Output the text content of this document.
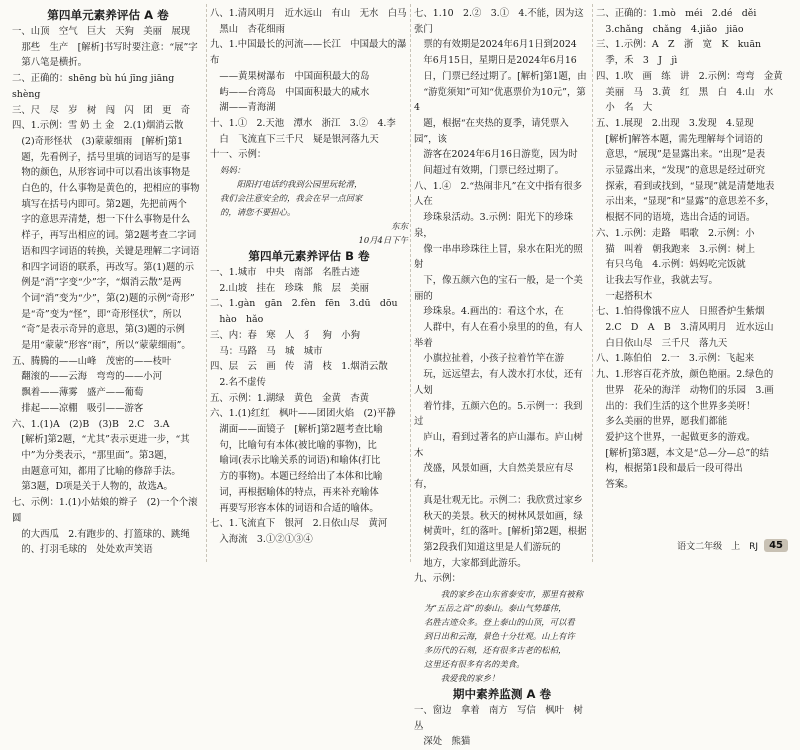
第四单元素养评估 A 卷

一、山顶　空气　巨大　天狗　美丽　展现

　那些　生产　[解析]书写时要注意：“展”字

　第八笔是横折。

二、正确的：shēng bù hú jīng jiāng shèng

三、尺　尽　岁　树　闯　闪　团　更　奇

四、1.示例：雪 奶 土 金　2.(1)烟消云散

　(2)奇形怪状　(3)蒙蒙细雨　[解析]第1

　题，先看例子，括号里填的词语写的是事

　物的颜色，从形容词中可以看出该事物是

　白色的，什么事物是黄色的，把相应的事物

　填写在括号内即可。第2题，先把前两个

　字的意思弄清楚，想一下什么事物是什么

　样子，再写出相应的词。第2题考查二字词

　语和四字词语的转换，关键是理解二字词语

　和四字词语的联系，再改写。第(1)题的示

　例是“消”字变“少”字，“烟消云散”是两

　个词“消”变为“少”，第(2)题的示例“奇形”

　是“奇”变为“怪”，即“奇形怪状”，所以

　“奇”是表示奇异的意思，第(3)题的示例

　是用“蒙蒙”形容“雨”，所以“蒙蒙细雨”。

五、腾腾的——山峰　茂密的——枝叶

　翻滚的——云海　弯弯的——小河

　飘着——薄雾　盛产——葡萄

　排起——凉棚　吸引——游客

六、1.(1)A　(2)B　(3)B　2.C　3.A

　[解析]第2题，“尤其”表示更进一步，“其

　中”为分类表示，“那里面”。第3题，

　由题意可知，都用了比喻的修辞手法。

　第3题，D项是关于人物的，故选A。

七、示例：1.(1)小姑娘的辫子　(2)一个个滚圆

　的大西瓜　2.有跑步的、打篮球的、跳绳

　的、打羽毛球的　处处欢声笑语

八、1.清风明月　近水远山　有山　无水　白马

　黑山　杏花细雨

九、1.中国最长的河流——长江　中国最大的瀑布

　——黄果树瀑布　中国面积最大的岛

　屿——台湾岛　中国面积最大的咸水

　湖——青海湖

十、1.①　2.天池　潭水　浙江　3.②　4.李

　白　飞流直下三千尺　疑是银河落九天

十一、示例：

妈妈：

　　阳阳打电话约我到公园里玩轮滑，

我们会注意安全的，我会在早一点回家

的，请您不要担心。

东东

10月4日下午

第四单元素养评估 B 卷

一、1.城市　中央　南部　名胜古迹

　2.山坡　挂在　珍珠　熊　层　美丽

二、1.gàn　gān　2.fèn　fēn　3.dū　dōu

　hào　hǎo

三、内：春　寒　人　犭　狗　小狗　

　马：马路　马　城　城市

四、层　云　画　传　清　枝　1.烟消云散

　2.名不虚传

五、示例：1.湖绿　黄色　金黄　杏黄

六、1.(1)红红　枫叶——团团火焰　(2)平静

　湖面——面镜子　[解析]第2题考查比喻

　句，比喻句有本体(被比喻的事物)，比

　喻词(表示比喻关系的词语)和喻体(打比

　方的事物)。本题已经给出了本体和比喻

　词，再根据喻体的特点，再来补充喻体

　再要写形容本体的词语和合适的喻体。

七、1.飞流直下　银河　2.日依山尽　黄河

　入海流　3.①②①③④

七、1.10　2.②　3.①　4.不能，因为这张门

　票的有效期是2024年6月1日到2024

　年6月15日，星期日是2024年6月16

　日，门票已经过期了。[解析]第1题，由

　“游览须知”可知“优惠票价为10元”，第4

　题，根据“在夹热的夏季，请凭票入园”，该

　游客在2024年6月16日游览，因为时

　间超过有效期，门票已经过期了。

八、1.④　2.“热闹非凡”在文中指有很多人在

　珍珠泉活动。3.示例：阳光下的珍珠泉，

　像一串串珍珠往上冒，泉水在阳光的照射

　下，像五颜六色的宝石一般，是一个美丽的

　珍珠泉。4.画出的：看这个水，在

　人群中，有人在看小泉里的的鱼，有人举着

　小旗拉扯着，小孩子拉着竹竿在游

　玩，远远望去，有人泼水打水仗，还有人划

　着竹排，五颜六色的。5.示例一：我到过

　庐山，看到过著名的庐山瀑布。庐山树木

　茂盛，风景如画，大自然美景应有尽有，

　真是壮观无比。示例二：我欣赏过家乡

　秋天的美景。秋天的树林风景如画，绿

　树黄叶，红的落叶。[解析]第2题，根据

　第2段我们知道这里是人们游玩的

　地方，大家都到此游乐。

九、示例：

　　我的家乡在山东省泰安市，那里有被称

为“五岳之首”的泰山。泰山气势雄伟，

名胜古迹众多。登上泰山的山顶，可以看

到日出和云海，景色十分壮观。山上有许

多历代的石刻，还有很多古老的松柏，

这里还有很多有名的美食。

　　我爱我的家乡！

期中素养监测 A 卷

一、窗边　拿着　南方　写信　枫叶　树丛

　深处　熊猫

二、正确的：1.mò　méi　2.dé　děi

　3.chǎng　chǎng　4.jiǎo　jiāo

三、1.示例：A　Z　浙　宽　K　kuān

　季，禾　3　J　jì

四、1.吹　画　练　讲　2.示例：弯弯　金黄

　美丽　马　3.黄　红　黑　白　4.山　水

　小　名　大

五、1.展现　2.出现　3.发现　4.显现

　[解析]解答本题，需先理解每个词语的

　意思，“展现”是显露出来。“出现”是表

　示显露出来，“发现”的意思是经过研究

　探索，看到或找到，“显现”就是清楚地表

　示出来，“显现”和“显露”的意思差不多，

　根据不同的语境，选出合适的词语。

六、1.示例：走路　唱歌　2.示例：小

　猫　叫着　朝我跑来　3.示例：树上

　有只乌龟　4.示例：妈妈吃完饭就

　让我去写作业，我就去写。

　一起搭积木

七、1.怕得像饿不应人　日照香炉生紫烟

　2.C　D　A　B　3.清风明月　近水远山

　白日依山尽　三千尺　落九天

八、1.陈伯伯　2.一　3.示例：飞起来

九、1.形容百花齐放，颜色艳丽。2.绿色的

　世界　花朵的海洋　动物们的乐园　3.画

　出的：我们生活的这个世界多美呀！

　多么美丽的世界，愿我们都能

　爱护这个世界，一起做更多的游戏。

　[解析]第3题，本文是“总—分—总”的结

　构，根据第1段和最后一段可得出

　答案。

语文二年级　上　RJ	45
